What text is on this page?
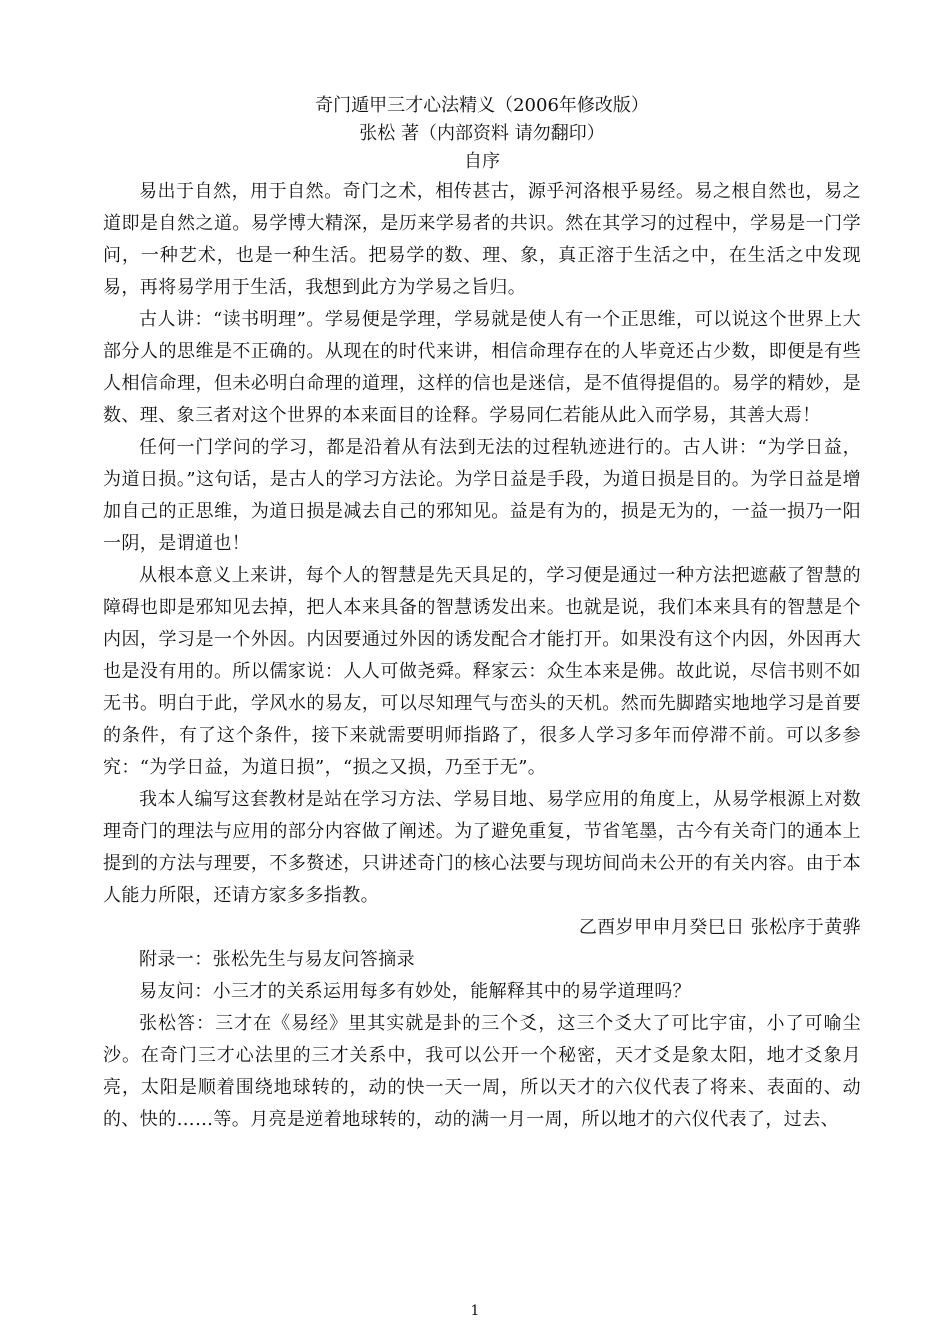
奇门遁甲三才心法精义（2006年修改版）

张松 著（内部资料 请勿翻印）

自序

易出于自然，用于自然。奇门之术，相传甚古，源乎河洛根乎易经。易之根自然也，易之道即是自然之道。易学博大精深，是历来学易者的共识。然在其学习的过程中，学易是一门学问，一种艺术，也是一种生活。把易学的数、理、象，真正溶于生活之中，在生活之中发现易，再将易学用于生活，我想到此方为学易之旨归。

古人讲：“读书明理”。学易便是学理，学易就是使人有一个正思维，可以说这个世界上大部分人的思维是不正确的。从现在的时代来讲，相信命理存在的人毕竟还占少数，即便是有些人相信命理，但未必明白命理的道理，这样的信也是迷信，是不值得提倡的。易学的精妙，是数、理、象三者对这个世界的本来面目的诠释。学易同仁若能从此入而学易，其善大焉！

任何一门学问的学习，都是沿着从有法到无法的过程轨迹进行的。古人讲：“为学日益，为道日损。”这句话，是古人的学习方法论。为学日益是手段，为道日损是目的。为学日益是增加自己的正思维，为道日损是减去自己的邪知见。益是有为的，损是无为的，一益一损乃一阳一阴，是谓道也！

从根本意义上来讲，每个人的智慧是先天具足的，学习便是通过一种方法把遮蔽了智慧的障碍也即是邪知见去掉，把人本来具备的智慧诱发出来。也就是说，我们本来具有的智慧是个内因，学习是一个外因。内因要通过外因的诱发配合才能打开。如果没有这个内因，外因再大也是没有用的。所以儒家说：人人可做尧舜。释家云：众生本来是佛。故此说，尽信书则不如无书。明白于此，学风水的易友，可以尽知理气与峦头的天机。然而先脚踏实地地学习是首要的条件，有了这个条件，接下来就需要明师指路了，很多人学习多年而停滞不前。可以多参究：“为学日益，为道日损”，“损之又损，乃至于无”。

我本人编写这套教材是站在学习方法、学易目地、易学应用的角度上，从易学根源上对数理奇门的理法与应用的部分内容做了阐述。为了避免重复，节省笔墨，古今有关奇门的通本上提到的方法与理要，不多赘述，只讲述奇门的核心法要与现坊间尚未公开的有关内容。由于本人能力所限，还请方家多多指教。

乙酉岁甲申月癸巳日 张松序于黄骅

附录一：张松先生与易友问答摘录

易友问：小三才的关系运用每多有妙处，能解释其中的易学道理吗？

张松答：三才在《易经》里其实就是卦的三个爻，这三个爻大了可比宇宙，小了可喻尘沙。在奇门三才心法里的三才关系中，我可以公开一个秘密，天才爻是象太阳，地才爻象月亮，太阳是顺着围绕地球转的，动的快一天一周，所以天才的六仪代表了将来、表面的、动的、快的……等。月亮是逆着地球转的，动的满一月一周，所以地才的六仪代表了，过去、

1
